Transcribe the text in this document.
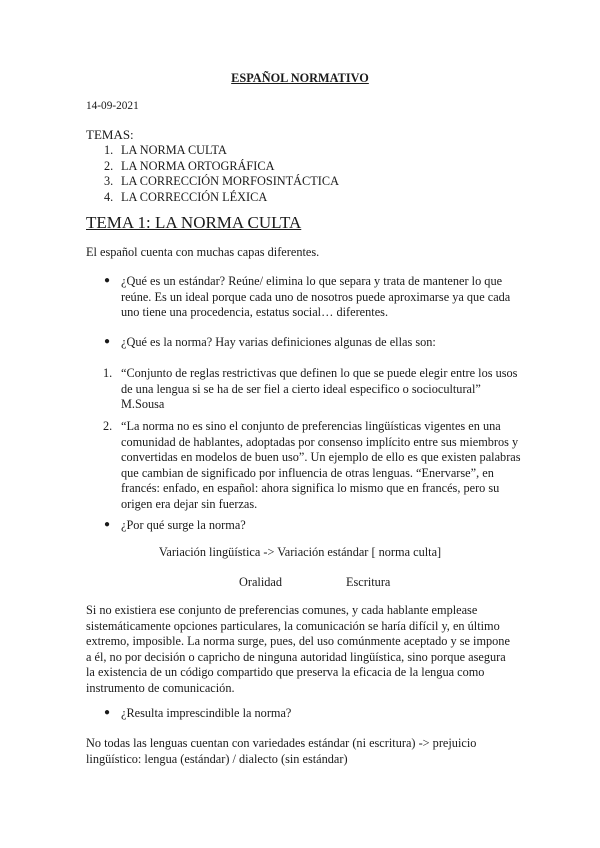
ESPAÑOL NORMATIVO

14-09-2021

TEMAS:

1. LA NORMA CULTA
2. LA NORMA ORTOGRÁFICA
3. LA CORRECCIÓN MORFOSINTÁCTICA
4. LA CORRECCIÓN LÉXICA

TEMA 1: LA NORMA CULTA

El español cuenta con muchas capas diferentes.

● ¿Qué es un estándar? Reúne/ elimina lo que separa y trata de mantener lo que reúne. Es un ideal porque cada uno de nosotros puede aproximarse ya que cada uno tiene una procedencia, estatus social… diferentes.

● ¿Qué es la norma? Hay varias definiciones algunas de ellas son:

1. “Conjunto de reglas restrictivas que definen lo que se puede elegir entre los usos de una lengua si se ha de ser fiel a cierto ideal especifico o sociocultural” M.Sousa

2. “La norma no es sino el conjunto de preferencias lingüísticas vigentes en una comunidad de hablantes, adoptadas por consenso implícito entre sus miembros y convertidas en modelos de buen uso”. Un ejemplo de ello es que existen palabras que cambian de significado por influencia de otras lenguas. “Enervarse”, en francés: enfado, en español: ahora significa lo mismo que en francés, pero su origen era dejar sin fuerzas.

● ¿Por qué surge la norma?

Variación lingüística -> Variación estándar [ norma culta]

Oralidad	Escritura

Si no existiera ese conjunto de preferencias comunes, y cada hablante emplease sistemáticamente opciones particulares, la comunicación se haría difícil y, en último extremo, imposible. La norma surge, pues, del uso comúnmente aceptado y se impone a él, no por decisión o capricho de ninguna autoridad lingüística, sino porque asegura la existencia de un código compartido que preserva la eficacia de la lengua como instrumento de comunicación.

● ¿Resulta imprescindible la norma?

No todas las lenguas cuentan con variedades estándar (ni escritura) -> prejuicio lingüístico: lengua (estándar) / dialecto (sin estándar)
